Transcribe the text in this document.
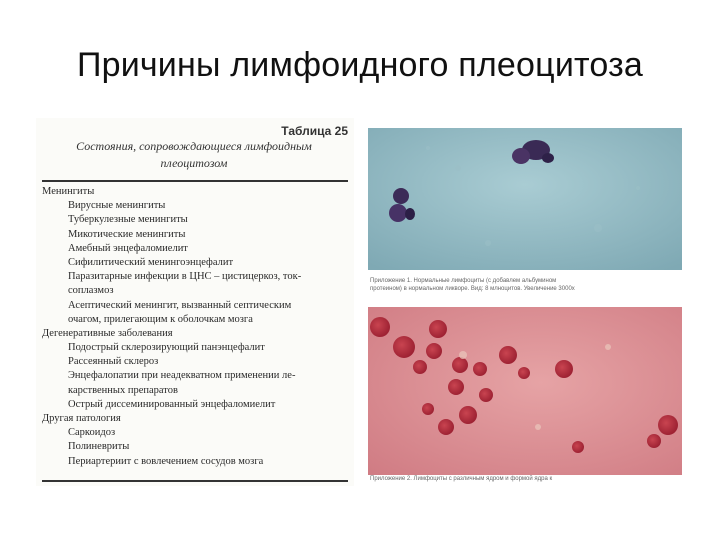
Причины лимфоидного плеоцитоза
Таблица 25
Состояния, сопровождающиеся лимфоидным
плеоцитозом
Менингиты
Вирусные менингиты
Туберкулезные менингиты
Микотические менингиты
Амебный энцефаломиелит
Сифилитический менингоэнцефалит
Паразитарные инфекции в ЦНС – цистицеркоз, ток-
соплазмоз
Асептический менингит, вызванный септическим
очагом, прилегающим к оболочкам мозга
Дегенеративные заболевания
Подострый склерозирующий панэнцефалит
Рассеянный склероз
Энцефалопатии при неадекватном применении ле-
карственных препаратов
Острый диссеминированный энцефаломиелит
Другая патология
Саркоидоз
Полиневриты
Периартериит с вовлечением сосудов мозга
Приложение 1. Нормальные лимфоциты (с добавлем альбумином
протеином) в нормальном ликворе. Вид: 8 млноцитов. Увеличение 3000х
Приложение 2. Лимфоциты с различным ядром и формой ядра к
